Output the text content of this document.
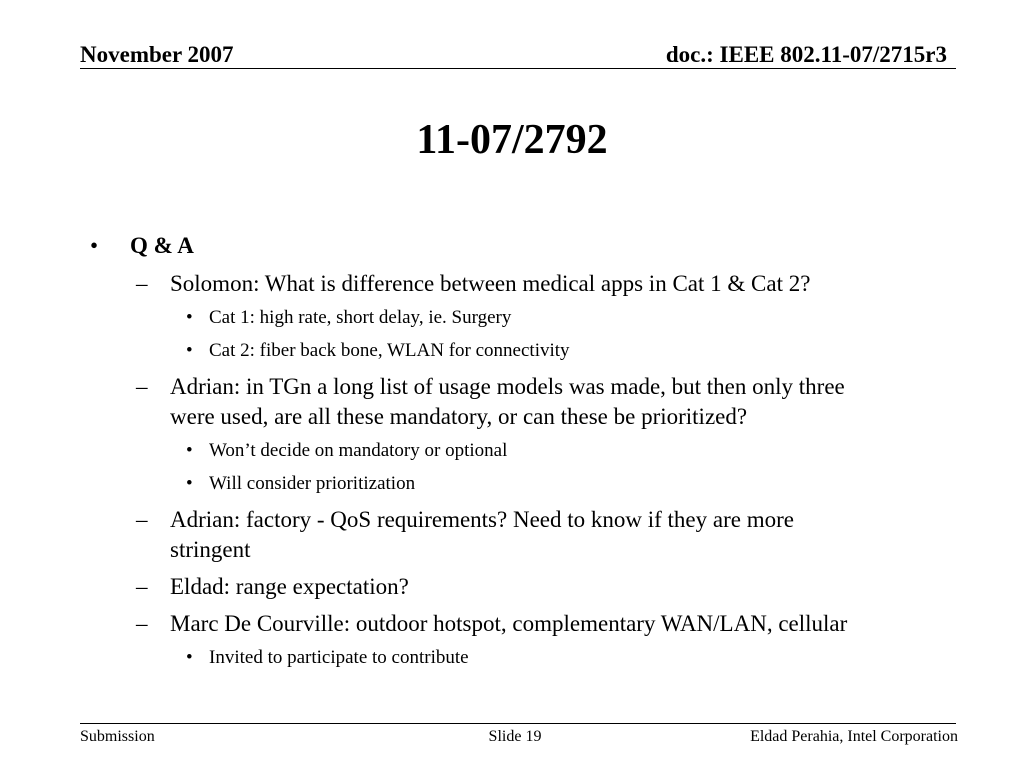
November 2007	doc.: IEEE 802.11-07/2715r3
11-07/2792
• Q & A
– Solomon: What is difference between medical apps in Cat 1 & Cat 2?
• Cat 1: high rate, short delay, ie. Surgery
• Cat 2: fiber back bone, WLAN for connectivity
– Adrian: in TGn a long list of usage models was made, but then only three
were used, are all these mandatory, or can these be prioritized?
• Won’t decide on mandatory or optional
• Will consider prioritization
– Adrian: factory - QoS requirements? Need to know if they are more
stringent
– Eldad: range expectation?
– Marc De Courville: outdoor hotspot, complementary WAN/LAN, cellular
• Invited to participate to contribute
Submission	Slide 19	Eldad Perahia, Intel Corporation
